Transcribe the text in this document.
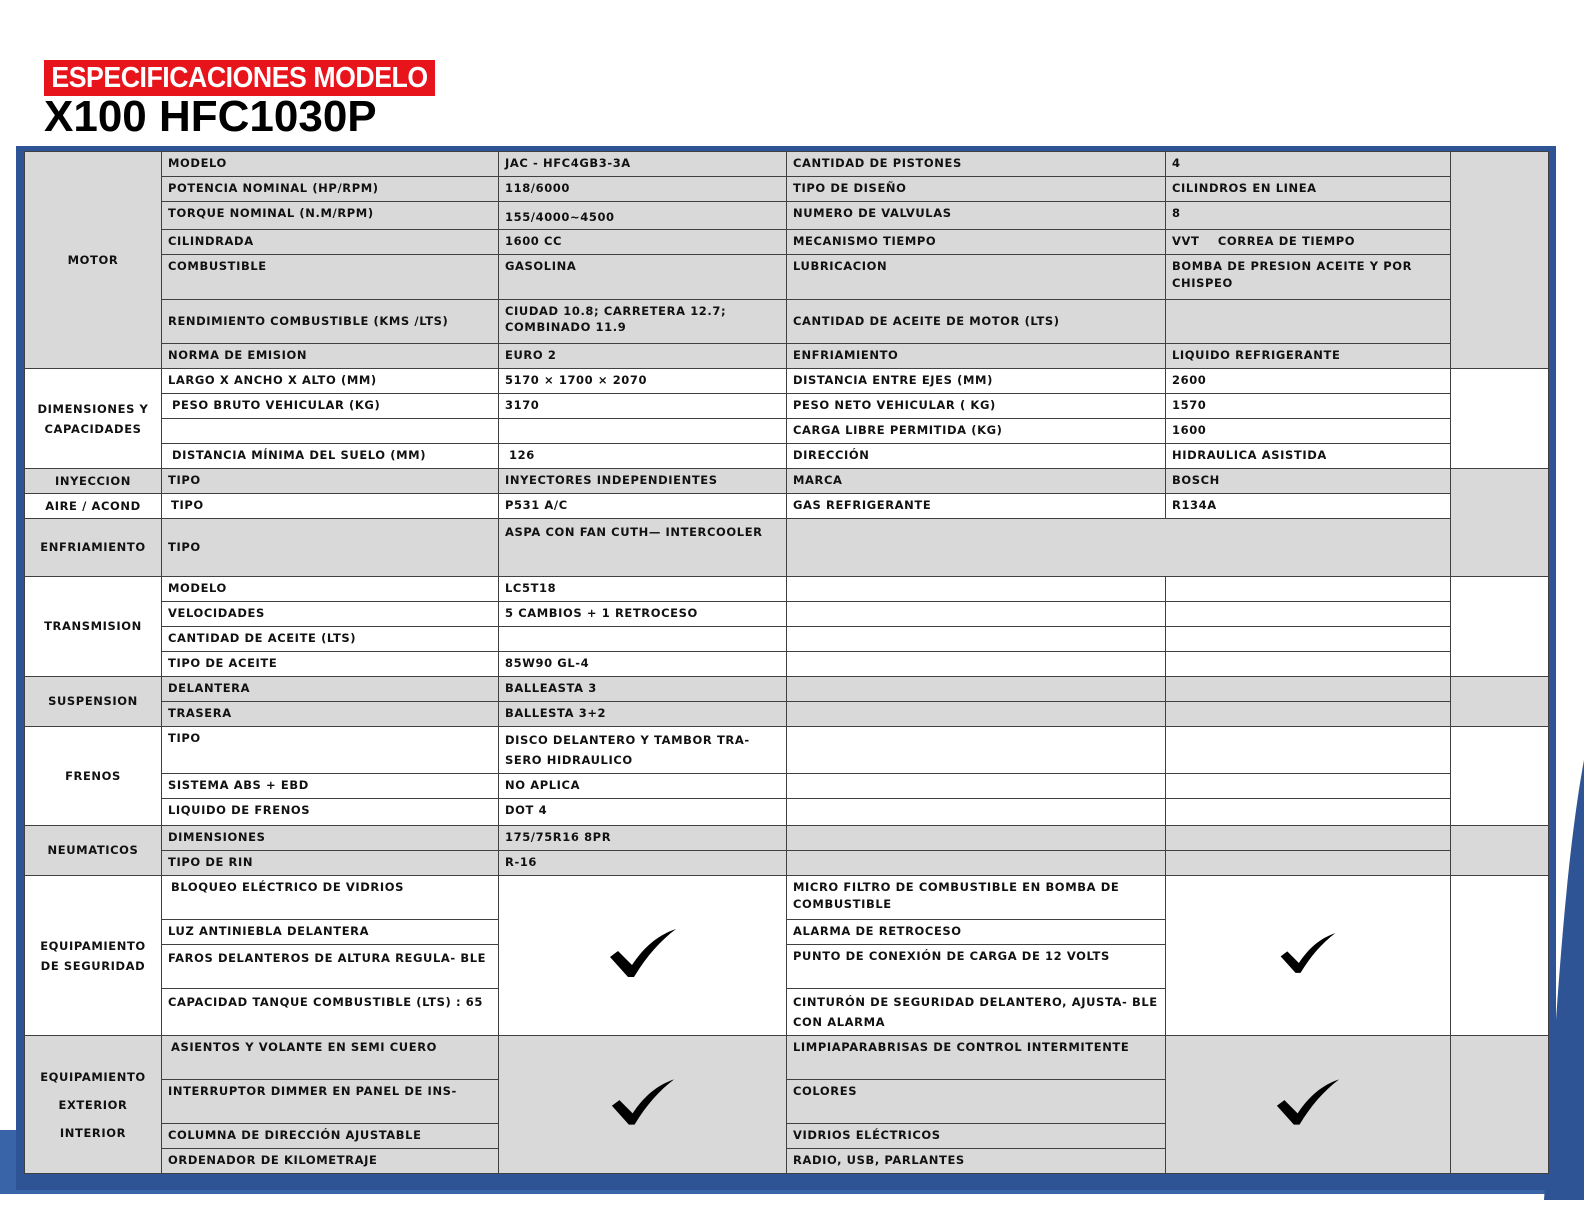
ESPECIFICACIONES MODELO
X100 HFC1030P
MOTOR	MODELO	JAC - HFC4GB3-3A	CANTIDAD DE PISTONES	4	
	POTENCIA NOMINAL (HP/RPM)	118/6000	TIPO DE DISEÑO	CILINDROS EN LINEA	
	TORQUE NOMINAL (N.M/RPM)	155/4000~4500	NUMERO DE VALVULAS	8	
	CILINDRADA	1600 CC	MECANISMO TIEMPO	VVT    CORREA DE TIEMPO	
	COMBUSTIBLE	GASOLINA	LUBRICACION	BOMBA DE PRESION ACEITE Y POR CHISPEO	
	RENDIMIENTO COMBUSTIBLE (KMS /LTS)	CIUDAD 10.8; CARRETERA 12.7; COMBINADO 11.9	CANTIDAD DE ACEITE DE MOTOR (LTS)		
	NORMA DE EMISION	EURO 2	ENFRIAMIENTO	LIQUIDO REFRIGERANTE	
DIMENSIONES Y CAPACIDADES	LARGO X ANCHO X ALTO (MM)	5170 × 1700 × 2070	DISTANCIA ENTRE EJES (MM)	2600	
	PESO BRUTO VEHICULAR (KG)	3170	PESO NETO VEHICULAR ( KG)	1570	
			CARGA LIBRE PERMITIDA (KG)	1600	
	DISTANCIA MÍNIMA DEL SUELO (MM)	126	DIRECCIÓN	HIDRAULICA ASISTIDA	
INYECCION	TIPO	INYECTORES INDEPENDIENTES	MARCA	BOSCH	
AIRE / ACOND	TIPO	P531 A/C	GAS REFRIGERANTE	R134A	
ENFRIAMIENTO	TIPO	ASPA CON FAN CUTH— INTERCOOLER			
TRANSMISION	MODELO	LC5T18			
	VELOCIDADES	5 CAMBIOS + 1 RETROCESO			
	CANTIDAD DE ACEITE (LTS)				
	TIPO DE ACEITE	85W90 GL-4			
SUSPENSION	DELANTERA	BALLEASTA 3			
	TRASERA	BALLESTA 3+2			
FRENOS	TIPO	DISCO DELANTERO Y TAMBOR TRA- SERO HIDRAULICO			
	SISTEMA ABS + EBD	NO APLICA			
	LIQUIDO DE FRENOS	DOT 4			
NEUMATICOS	DIMENSIONES	175/75R16 8PR			
	TIPO DE RIN	R-16			
EQUIPAMIENTO DE SEGURIDAD	BLOQUEO ELÉCTRICO DE VIDRIOS		MICRO FILTRO DE COMBUSTIBLE EN BOMBA DE COMBUSTIBLE		
	LUZ ANTINIEBLA DELANTERA		ALARMA DE RETROCESO		
	FAROS DELANTEROS DE ALTURA REGULA- BLE		PUNTO DE CONEXIÓN DE CARGA DE 12 VOLTS		
	CAPACIDAD TANQUE COMBUSTIBLE (LTS) : 65		CINTURÓN DE SEGURIDAD DELANTERO, AJUSTA- BLE CON ALARMA		
EQUIPAMIENTO EXTERIOR INTERIOR	ASIENTOS Y VOLANTE EN SEMI CUERO		LIMPIAPARABRISAS DE CONTROL INTERMITENTE		
	INTERRUPTOR DIMMER EN PANEL DE INS-		COLORES		
	COLUMNA DE DIRECCIÓN AJUSTABLE		VIDRIOS ELÉCTRICOS		
	ORDENADOR DE KILOMETRAJE		RADIO, USB, PARLANTES		
